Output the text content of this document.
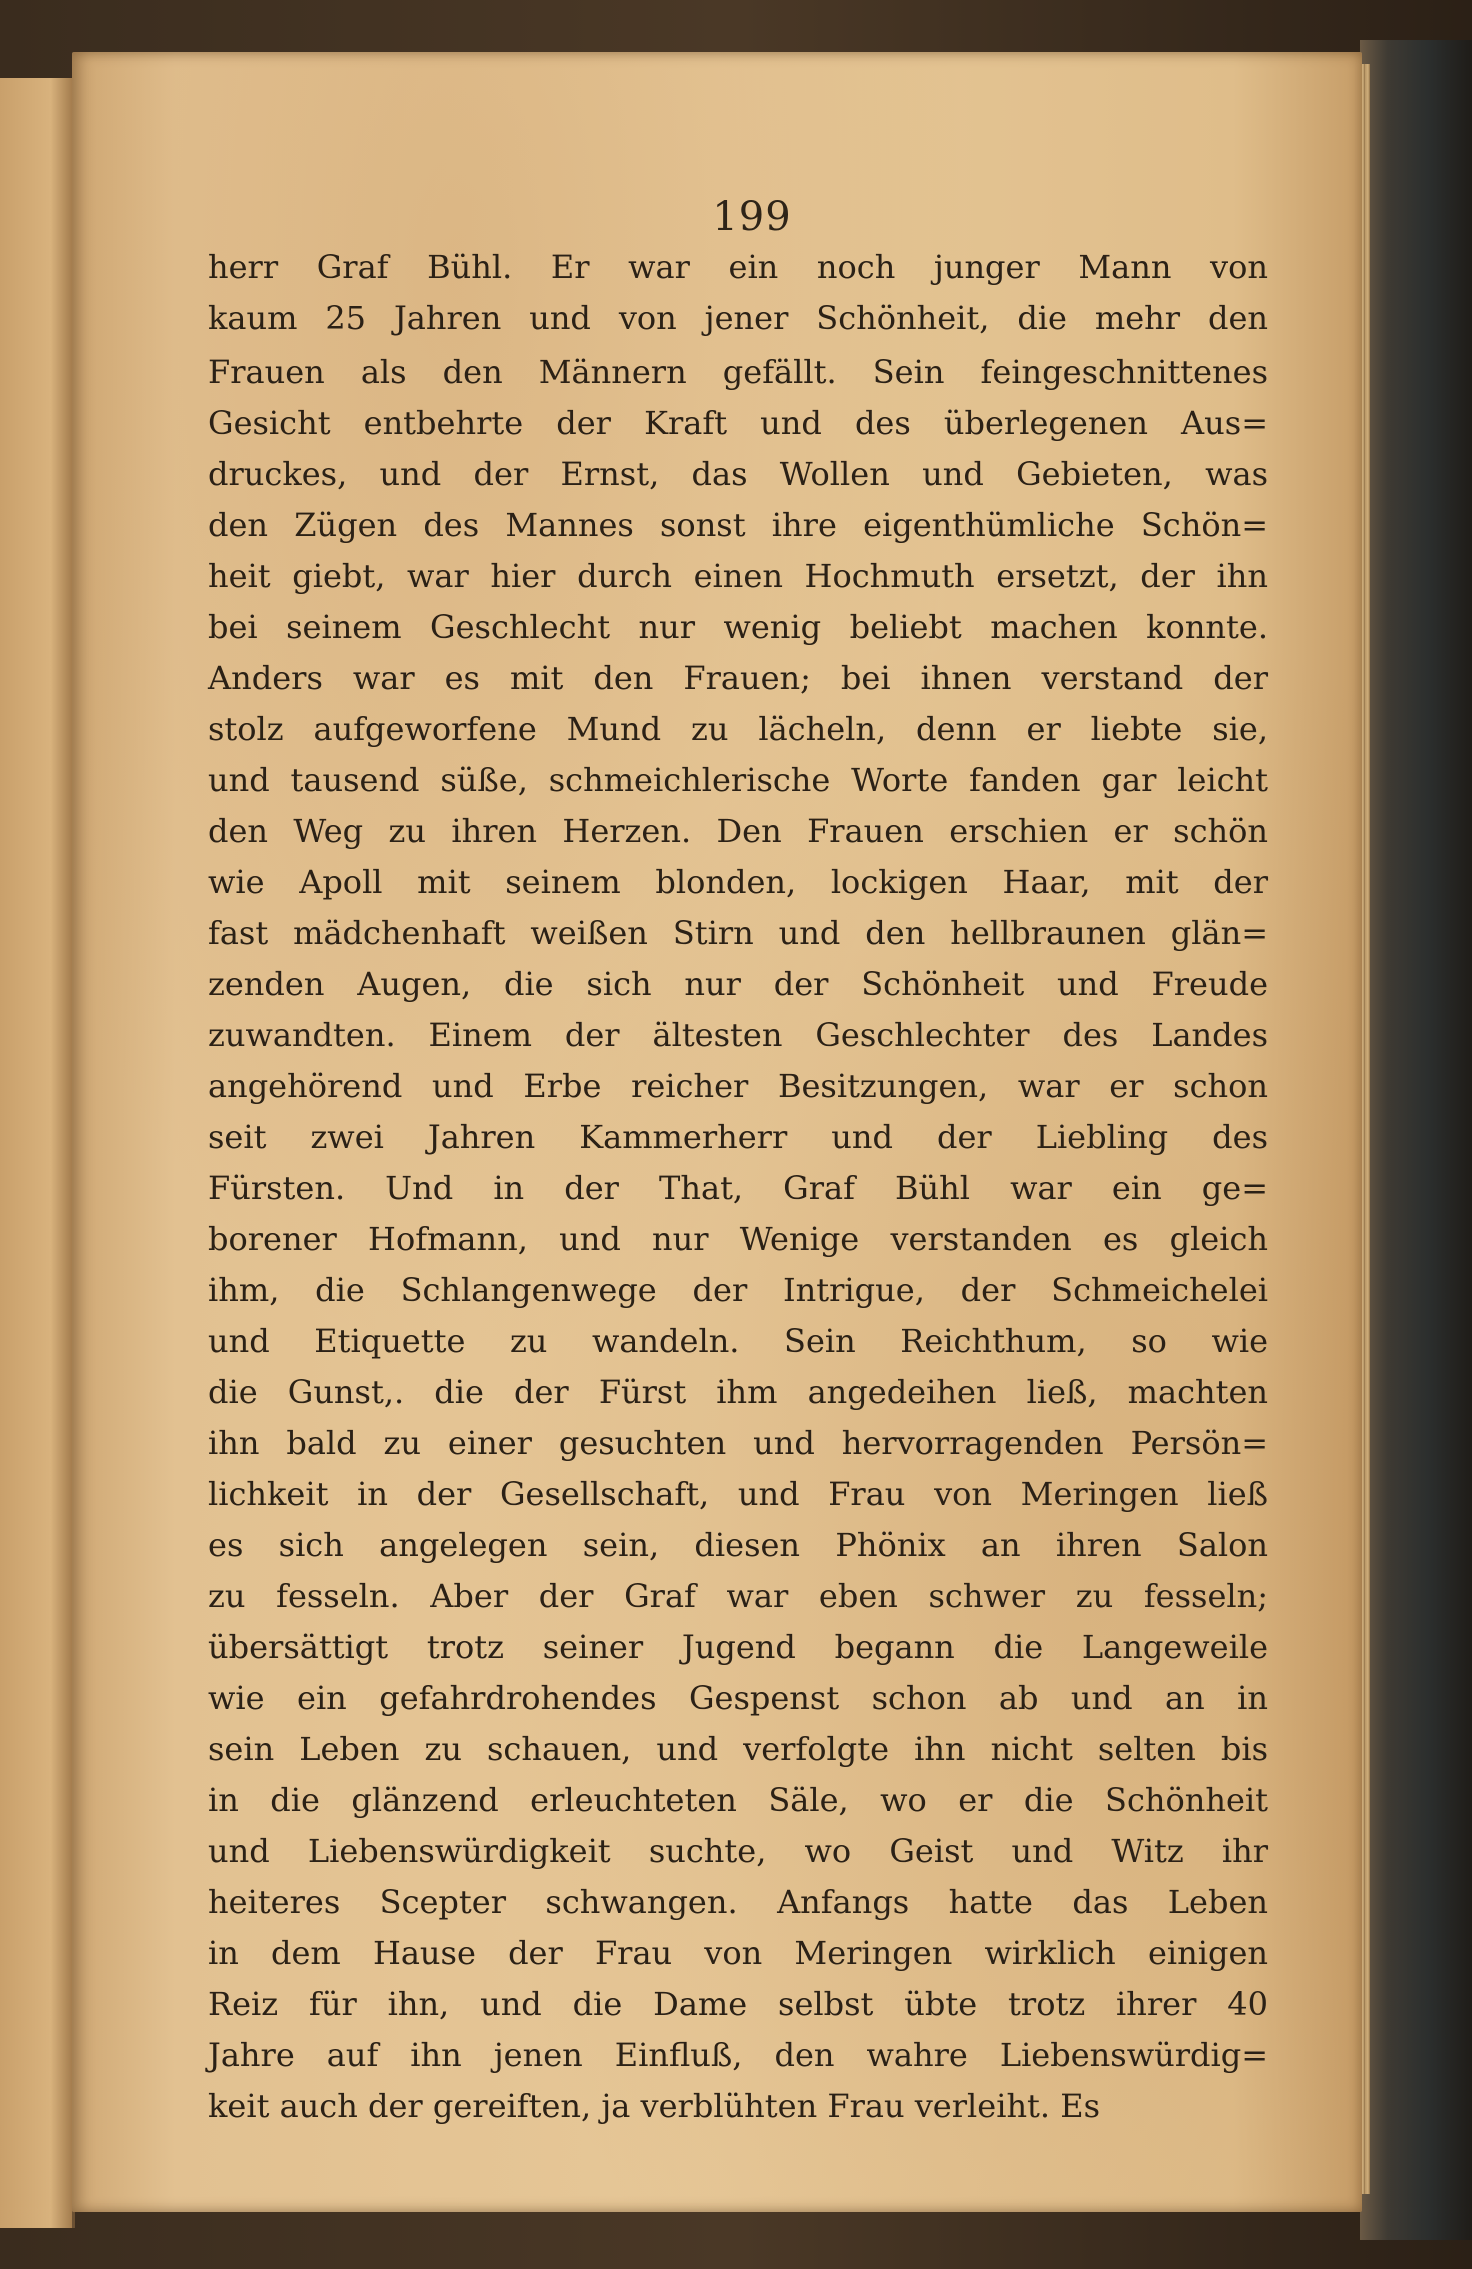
199
herr Graf Bühl. Er war ein noch junger Mann von
kaum 25 Jahren und von jener Schönheit, die mehr den
Frauen als den Männern gefällt. Sein feingeschnittenes
Gesicht entbehrte der Kraft und des überlegenen Aus=
druckes, und der Ernst, das Wollen und Gebieten, was
den Zügen des Mannes sonst ihre eigenthümliche Schön=
heit giebt, war hier durch einen Hochmuth ersetzt, der ihn
bei seinem Geschlecht nur wenig beliebt machen konnte.
Anders war es mit den Frauen; bei ihnen verstand der
stolz aufgeworfene Mund zu lächeln, denn er liebte sie,
und tausend süße, schmeichlerische Worte fanden gar leicht
den Weg zu ihren Herzen. Den Frauen erschien er schön
wie Apoll mit seinem blonden, lockigen Haar, mit der
fast mädchenhaft weißen Stirn und den hellbraunen glän=
zenden Augen, die sich nur der Schönheit und Freude
zuwandten. Einem der ältesten Geschlechter des Landes
angehörend und Erbe reicher Besitzungen, war er schon
seit zwei Jahren Kammerherr und der Liebling des
Fürsten. Und in der That, Graf Bühl war ein ge=
borener Hofmann, und nur Wenige verstanden es gleich
ihm, die Schlangenwege der Intrigue, der Schmeichelei
und Etiquette zu wandeln. Sein Reichthum, so wie
die Gunst,. die der Fürst ihm angedeihen ließ, machten
ihn bald zu einer gesuchten und hervorragenden Persön=
lichkeit in der Gesellschaft, und Frau von Meringen ließ
es sich angelegen sein, diesen Phönix an ihren Salon
zu fesseln. Aber der Graf war eben schwer zu fesseln;
übersättigt trotz seiner Jugend begann die Langeweile
wie ein gefahrdrohendes Gespenst schon ab und an in
sein Leben zu schauen, und verfolgte ihn nicht selten bis
in die glänzend erleuchteten Säle, wo er die Schönheit
und Liebenswürdigkeit suchte, wo Geist und Witz ihr
heiteres Scepter schwangen. Anfangs hatte das Leben
in dem Hause der Frau von Meringen wirklich einigen
Reiz für ihn, und die Dame selbst übte trotz ihrer 40
Jahre auf ihn jenen Einfluß, den wahre Liebenswürdig=
keit auch der gereiften, ja verblühten Frau verleiht. Es
